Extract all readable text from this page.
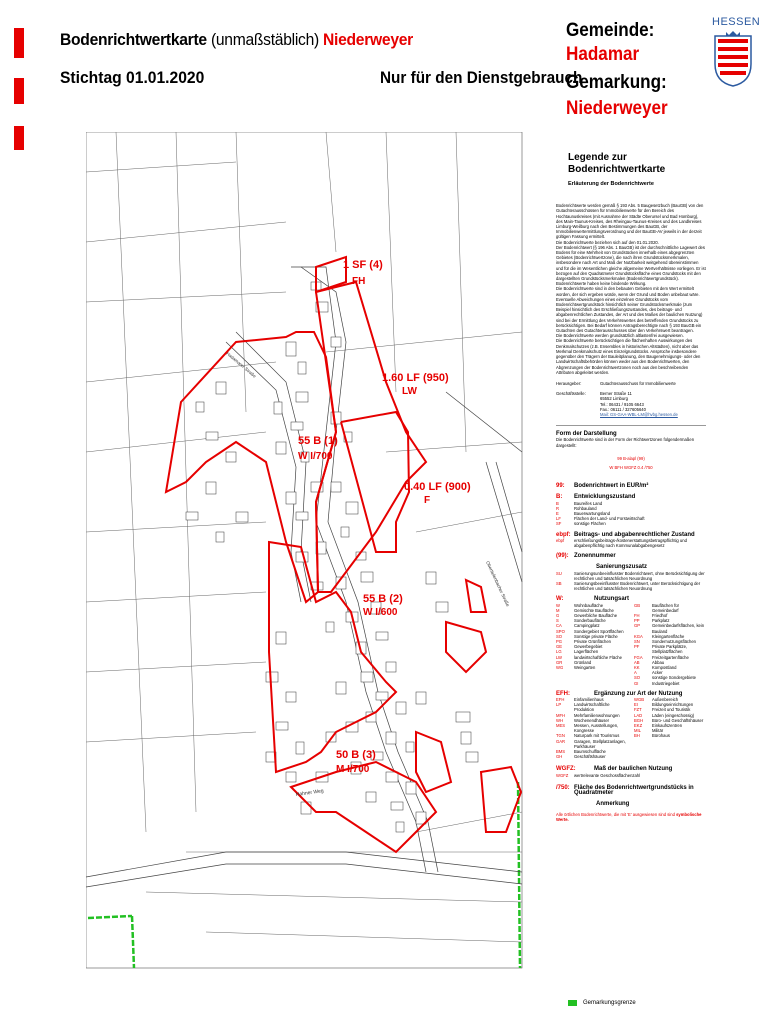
Bodenrichtwertkarte (unmaßstäblich) Niederweyer
Stichtag 01.01.2020	Nur für den Dienstgebrauch
Gemeinde:
Hadamar
Gemarkung:
Niederweyer
HESSEN
Hahner Weg
Hadamarer Straße
Obertiefenbacher Straße
1 SF (4)
FH
1.60 LF (950)
LW
55 B (1)
W I/700
0.40 LF (900)
F
55 B (2)
W I/600
50 B (3)
M I/700
Legende zur Bodenrichtwertkarte
Erläuterung der Bodenrichtwerte
Bodenrichtwerte werden gemäß § 193 Abs. 5 Baugesetzbuch (BauGB) von den Gutachterausschüssen für Immobilienwerte für den Bereich des Hochtaunuskreises (mit Ausnahme der Städte Oberursel und Bad Homburg), des Main-Taunus-Kreises, des Rheingau-Taunus-Kreises und des Landkreises Limburg-Weilburg nach den Bestimmungen des BauGB, der Immobilienwertermittlungsverordnung und der BauGB-AV jeweils in der derzeit gültigen Fassung ermittelt.
Die Bodenrichtwerte beziehen sich auf den 01.01.2020.
Der Bodenrichtwert (§ 196 Abs. 1 BauGB) ist der durchschnittliche Lagewert des Bodens für eine Mehrheit von Grundstücken innerhalb eines abgegrenzten Gebietes (Bodenrichtwertzone), die nach ihren Grundstücksmerkmalen, insbesondere nach Art und Maß der Nutzbarkeit weitgehend übereinstimmen und für die im Wesentlichen gleiche allgemeine Wertverhältnisse vorliegen. Er ist bezogen auf den Quadratmeter Grundstücksfläche eines Grundstücks mit den dargestellten Grundstücksmerkmalen (Bodenrichtwertgrundstück). Bodenrichtwerte haben keine bindende Wirkung.
Die Bodenrichtwerte sind in den bebauten Gebieten mit dem Wert ermittelt worden, der sich ergeben würde, wenn der Grund und Boden unbebaut wäre.
Eventuelle Abweichungen eines einzelnen Grundstücks vom Bodenrichtwertgrundstück hinsichtlich seiner Grundstücksmerkmale (zum Beispiel hinsichtlich des Erschließungszustandes, des beitrags- und abgabenrechtlichen Zustandes, der Art und des Maßes der baulichen Nutzung) sind bei der Ermittlung des Verkehrswertes des betreffenden Grundstücks zu berücksichtigen. Bei Bedarf können Antragsberechtigte nach § 193 BauGB ein Gutachten des Gutachterausschusses über den Verkehrswert beantragen.
Die Bodenrichtwerte werden grundsätzlich altlastenfrei ausgewiesen.
Die Bodenrichtwerte berücksichtigen die flächenhaften Auswirkungen des Denkmalschutzes (z.B. Ensembles in historischen Altstädten), nicht aber das Merkmal Denkmalschutz eines Einzelgrundstücks. Ansprüche insbesondere gegenüber den Trägern der Bauleitplanung, den Baugenehmigungs- oder den Landwirtschaftsbehörden können weder aus den Bodenrichtwerten, den Abgrenzungen der Bodenrichtwertzonen noch aus den beschreibenden Attributen abgeleitet werden.
Herausgeber:	Gutachterausschuss für Immobilienwerte
Geschäftsstelle:	Berner Straße 11
65552 Limburg
Tel.: 06431 / 9105 6643
Fax.: 06111 / 327605640
Mail: GS-GAA-WBL-LM@hvbg.hessen.de
Form der Darstellung
Die Bodenrichtwerte sind in der Form der Richtwertzonen folgendermaßen dargestellt:
99 B-alapl (99)
W BFH WGFZ 0.4 /750
99:	Bodenrichtwert in EUR/m²
B:	Entwicklungszustand
B	Baureifes Land
R	Rohbauland
E	Bauerwartungsland
LF	Flächen der Land- und Forstwirtschaft
SF	sonstige Flächen
ebpf: Beitrags- und abgabenrechtlicher Zustand
ebpf	erschließungsbeitrags-/kostenerstattungsbetragspflichtig und abgabenpflichtig nach Kommunalabgabengesetz
(99): Zonennummer
Sanierungszusatz
SU	Sanierungsunbeeinflusster Bodenrichtwert, ohne Berücksichtigung der rechtlichen und tatsächlichen Neuordnung
SB	Sanierungsbeeinflusster Bodenrichtwert, unter Berücksichtigung der rechtlichen und tatsächlichen Neuordnung
W:	Nutzungsart
W	Wohnbaufläche
M	Gemischte Baufläche
G	Gewerbliche Baufläche
S	Sonderbaufläche
CA	Campingplatz
SPO	Sondergebiet Sportflächen
SO	Sonstige private Fläche
PG	Private Grünflächen
GE	Gewerbegebiet
LG	Lagerflächen
LW	landwirtschaftliche Fläche
GR	Grünland
WG	Weingarten
GB	Bauflächen für Gemeinbedarf
FH	Friedhof
PP	Parkplatz
GP	Gemeinbedarfsflächen, kein Bauland
KGA	Kleingartenfläche
SN	Sondernutzungsflächen
PF	Private Parkplätze, Stellplatzflächen
FGA	Freizeitgartenfläche
AB	Abbau
KK	Kompostland
A	Acker
SO	sonstige Sondergebiete
GI	Industriegebiet
EFH:	Ergänzung zur Art der Nutzung
EFH	Einfamilienhaus
LP	Landwirtschaftliche Produktion
MFH	Mehrfamilienwohnungen
WH	Wochenendhäuser
MES	Messen, Ausstellungen, Kongresse
TGN	Naturpark mit Tourismus
GAR	Garagen, Stellplatzanlagen, Parkhäuser
BMS	Baumschulfläche
GH	Geschäftshäuser
WGB	Außenbereich
EI	Bildungseinrichtungen
FZT	Freizeit und Touristik
LAD	Läden (eingeschossig)
BGH	Büro- und Geschäftshäuser
EKZ	Einkaufszentren
MIL	Militär
BH	Bürohaus
WGFZ:	Maß der baulichen Nutzung
WGFZ	wertrelevante Geschossflächenzahl
/750: Fläche des Bodenrichtwertgrundstücks in Quadratmeter
Anmerkung
Alle örtlichen Bodenrichtwerte, die mit 'E' ausgewiesen sind sind symbolische Werte.
Gemarkungsgrenze
